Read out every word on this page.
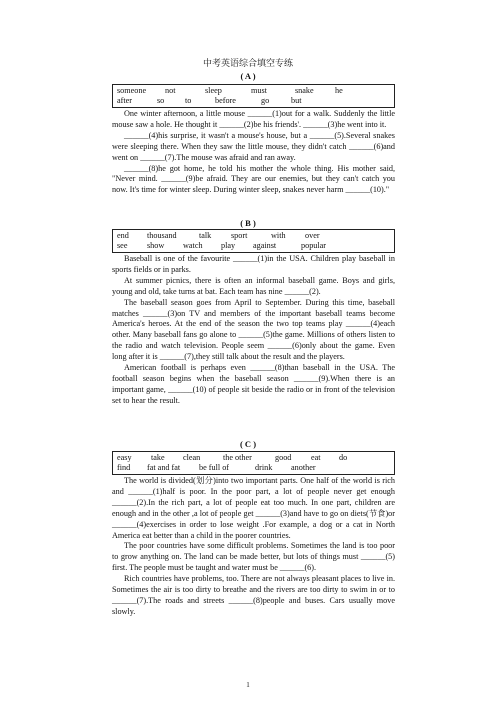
中考英语综合填空专练
( A )
someone	not	sleep	must	snake	he
after	so	to	before	go	but

One winter afternoon, a little mouse ______(1)out for a walk. Suddenly the little mouse saw a hole. He thought it ______(2)be his friends'. ______(3)he went into it.

______(4)his surprise, it wasn't a mouse's house, but a ______(5).Several snakes were sleeping there. When they saw the little mouse, they didn't catch ______(6)and went on ______(7).The mouse was afraid and ran away.

______(8)he got home, he told his mother the whole thing. His mother said, "Never mind. ______(9)be afraid. They are our enemies, but they can't catch you now. It's time for winter sleep. During winter sleep, snakes never harm ______(10)."

( B )
end	thousand	talk	sport	with	over
see	show	watch	play	against	popular

Baseball is one of the favourite ______(1)in the USA. Children play baseball in sports fields or in parks.

At summer picnics, there is often an informal baseball game. Boys and girls, young and old, take turns at bat. Each team has nine ______(2).

The baseball season goes from April to September. During this time, baseball matches ______(3)on TV and members of the important baseball teams become America's heroes. At the end of the season the two top teams play ______(4)each other. Many baseball fans go alone to ______(5)the game. Millions of others listen to the radio and watch television. People seem ______(6)only about the game. Even long after it is ______(7),they still talk about the result and the players.

American football is perhaps even ______(8)than baseball in the USA. The football season begins when the baseball season ______(9).When there is an important game, ______(10) of people sit beside the radio or in front of the television set to hear the result.

( C )
easy	take	clean	the other	good	eat	do
find	fat and fat	be full of	drink	another

The world is divided(划分)into two important parts. One half of the world is rich and ______(1)half is poor. In the poor part, a lot of people never get enough ______(2).In the rich part, a lot of people eat too much. In one part, children are enough and in the other ,a lot of people get ______(3)and have to go on diets(节食)or ______(4)exercises in order to lose weight .For example, a dog or a cat in North America eat better than a child in the poorer countries.

The poor countries have some difficult problems. Sometimes the land is too poor to grow anything on. The land can be made better, but lots of things must ______(5) first. The people must be taught and water must be ______(6).

Rich countries have problems, too. There are not always pleasant places to live in. Sometimes the air is too dirty to breathe and the rivers are too dirty to swim in or to ______(7).The roads and streets ______(8)people and buses. Cars usually move slowly.

1
